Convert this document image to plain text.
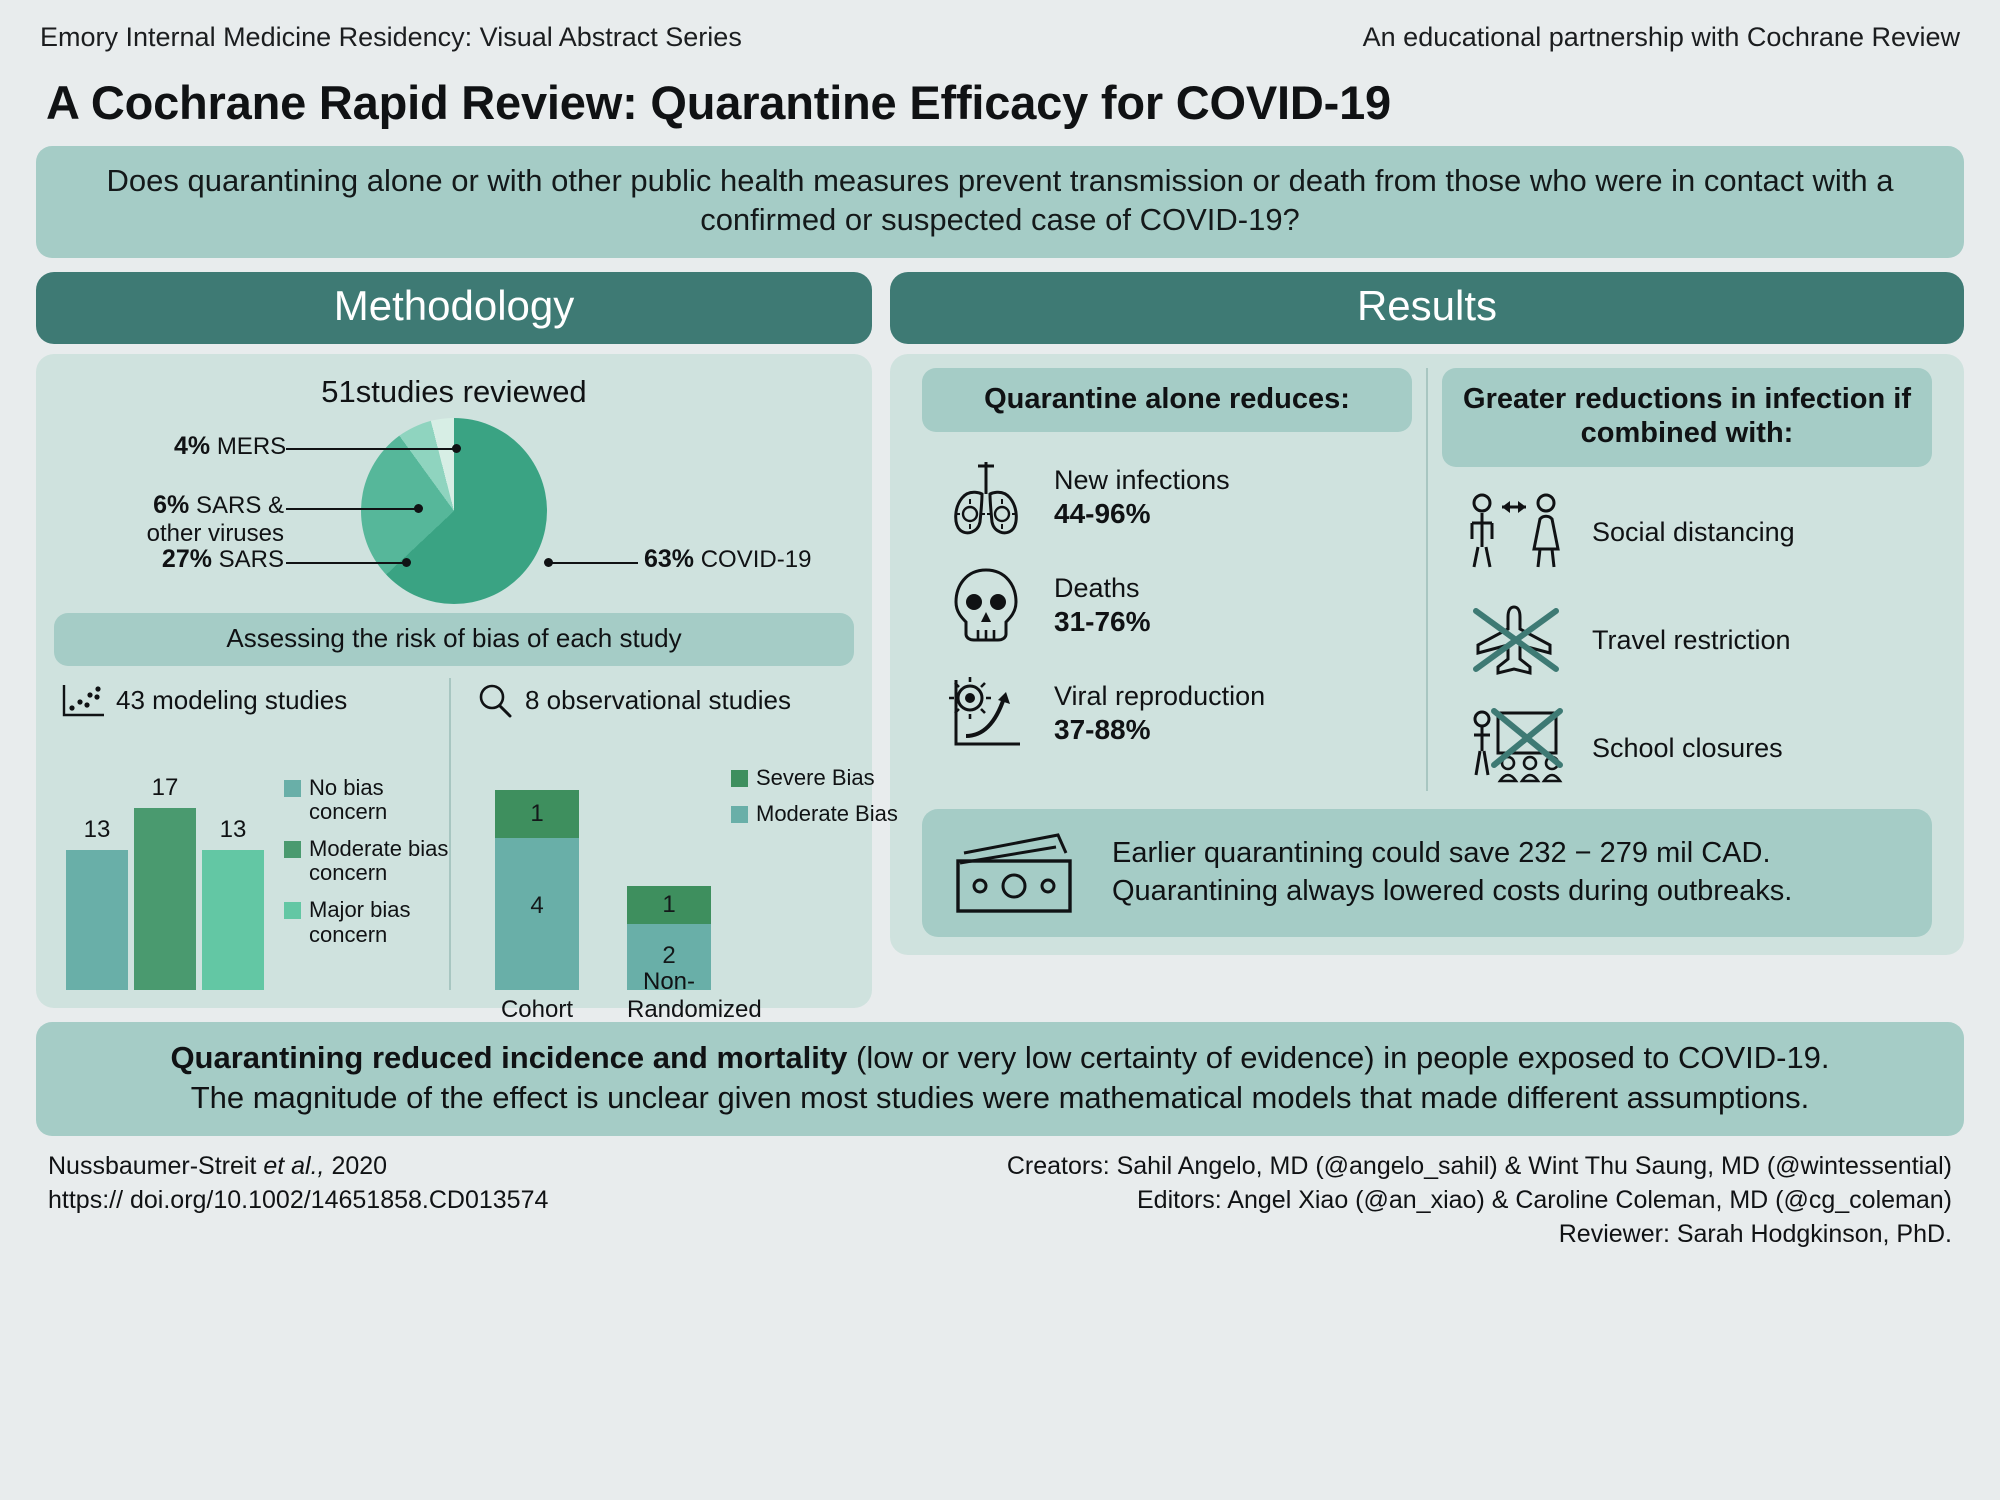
Emory Internal Medicine Residency: Visual Abstract Series	An educational partnership with Cochrane Review
A Cochrane Rapid Review: Quarantine Efficacy for COVID-19
Does quarantining alone or with other public health measures prevent transmission or death from those who were in contact with a confirmed or suspected case of COVID-19?
Methodology
51studies reviewed
4% MERS
6% SARS & other viruses
27% SARS	63% COVID-19
Assessing the risk of bias of each study
43 modeling studies
13
17
13
No bias concern
Moderate bias concern
Major bias concern
8 observational studies
1
4
Cohort
1
2
Non-Randomized
Severe Bias
Moderate Bias
Results
Quarantine alone reduces:
New infections
44-96%
Deaths
31-76%
Viral reproduction
37-88%
Greater reductions in infection if combined with:
Social distancing
Travel restriction
School closures
Earlier quarantining could save 232 − 279 mil CAD.
Quarantining always lowered costs during outbreaks.
Quarantining reduced incidence and mortality (low or very low certainty of evidence) in people exposed to COVID-19.
The magnitude of the effect is unclear given most studies were mathematical models that made different assumptions.
Nussbaumer-Streit et al., 2020
https:// doi.org/10.1002/14651858.CD013574
Creators: Sahil Angelo, MD (@angelo_sahil) & Wint Thu Saung, MD (@wintessential)
Editors: Angel Xiao (@an_xiao) & Caroline Coleman, MD (@cg_coleman)
Reviewer: Sarah Hodgkinson, PhD.
